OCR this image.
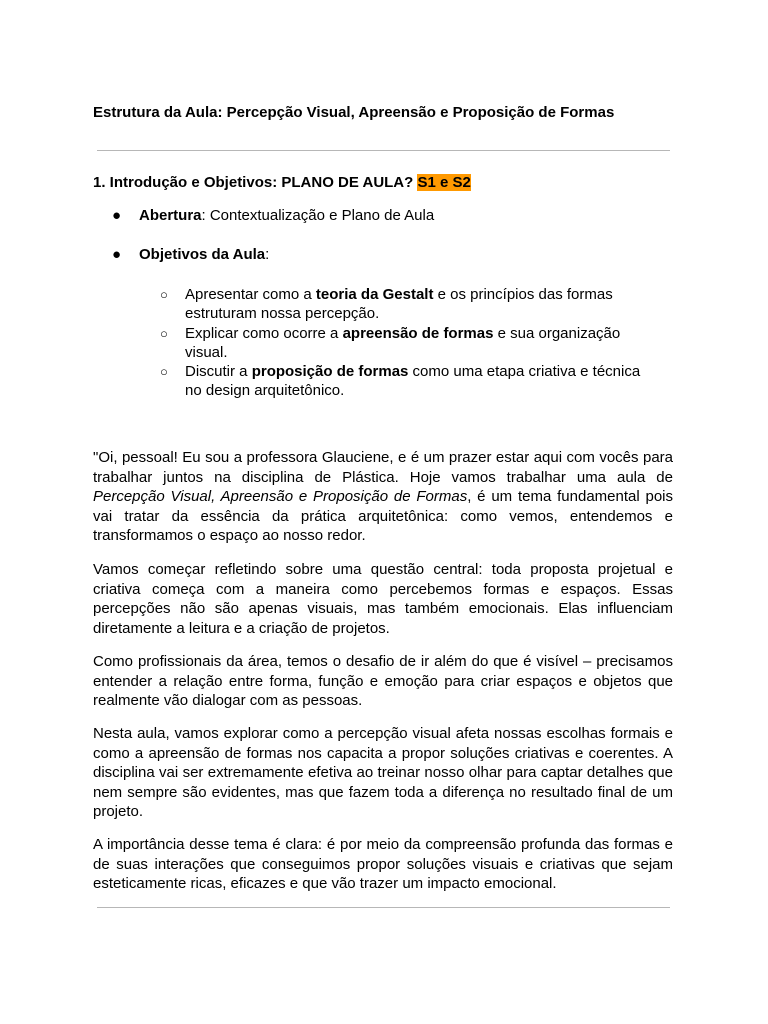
Estrutura da Aula: Percepção Visual, Apreensão e Proposição de Formas
1. Introdução e Objetivos: PLANO DE AULA? S1 e S2
● Abertura: Contextualização e Plano de Aula
● Objetivos da Aula:
○ Apresentar como a teoria da Gestalt e os princípios das formas estruturam nossa percepção.
○ Explicar como ocorre a apreensão de formas e sua organização visual.
○ Discutir a proposição de formas como uma etapa criativa e técnica no design arquitetônico.

"Oi, pessoal! Eu sou a professora Glauciene, e é um prazer estar aqui com vocês para trabalhar juntos na disciplina de Plástica. Hoje vamos trabalhar uma aula de Percepção Visual, Apreensão e Proposição de Formas, é um tema fundamental pois vai tratar da essência da prática arquitetônica: como vemos, entendemos e transformamos o espaço ao nosso redor.

Vamos começar refletindo sobre uma questão central: toda proposta projetual e criativa começa com a maneira como percebemos formas e espaços. Essas percepções não são apenas visuais, mas também emocionais. Elas influenciam diretamente a leitura e a criação de projetos.

Como profissionais da área, temos o desafio de ir além do que é visível – precisamos entender a relação entre forma, função e emoção para criar espaços e objetos que realmente vão dialogar com as pessoas.

Nesta aula, vamos explorar como a percepção visual afeta nossas escolhas formais e como a apreensão de formas nos capacita a propor soluções criativas e coerentes. A disciplina vai ser extremamente efetiva ao treinar nosso olhar para captar detalhes que nem sempre são evidentes, mas que fazem toda a diferença no resultado final de um projeto.

A importância desse tema é clara: é por meio da compreensão profunda das formas e de suas interações que conseguimos propor soluções visuais e criativas que sejam esteticamente ricas, eficazes e que vão trazer um impacto emocional.
